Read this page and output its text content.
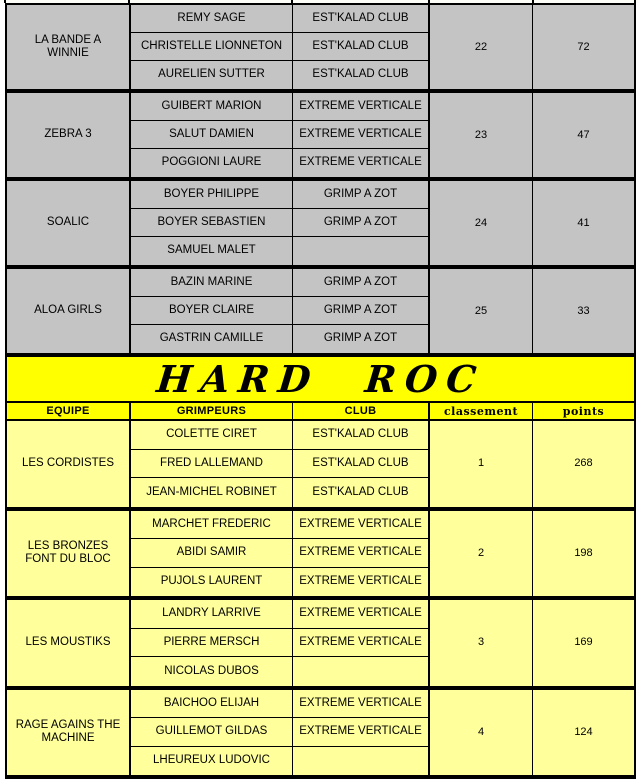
LA BANDE A WINNIE
REMY SAGE	EST'KALAD CLUB
CHRISTELLE LIONNETON	EST'KALAD CLUB
AURELIEN SUTTER	EST'KALAD CLUB
22	72
ZEBRA 3
GUIBERT MARION	EXTREME VERTICALE
SALUT DAMIEN	EXTREME VERTICALE
POGGIONI LAURE	EXTREME VERTICALE
23	47
SOALIC
BOYER PHILIPPE	GRIMP A ZOT
BOYER SEBASTIEN	GRIMP A ZOT
SAMUEL MALET
24	41
ALOA GIRLS
BAZIN MARINE	GRIMP A ZOT
BOYER CLAIRE	GRIMP A ZOT
GASTRIN CAMILLE	GRIMP A ZOT
25	33
HARD ROC
EQUIPE	GRIMPEURS	CLUB	classement	points
LES CORDISTES
COLETTE CIRET	EST'KALAD CLUB
FRED LALLEMAND	EST'KALAD CLUB
JEAN-MICHEL ROBINET	EST'KALAD CLUB
1	268
LES BRONZES FONT DU BLOC
MARCHET FREDERIC	EXTREME VERTICALE
ABIDI SAMIR	EXTREME VERTICALE
PUJOLS LAURENT	EXTREME VERTICALE
2	198
LES MOUSTIKS
LANDRY LARRIVE	EXTREME VERTICALE
PIERRE MERSCH	EXTREME VERTICALE
NICOLAS DUBOS
3	169
RAGE AGAINS THE MACHINE
BAICHOO ELIJAH	EXTREME VERTICALE
GUILLEMOT GILDAS	EXTREME VERTICALE
LHEUREUX LUDOVIC
4	124
